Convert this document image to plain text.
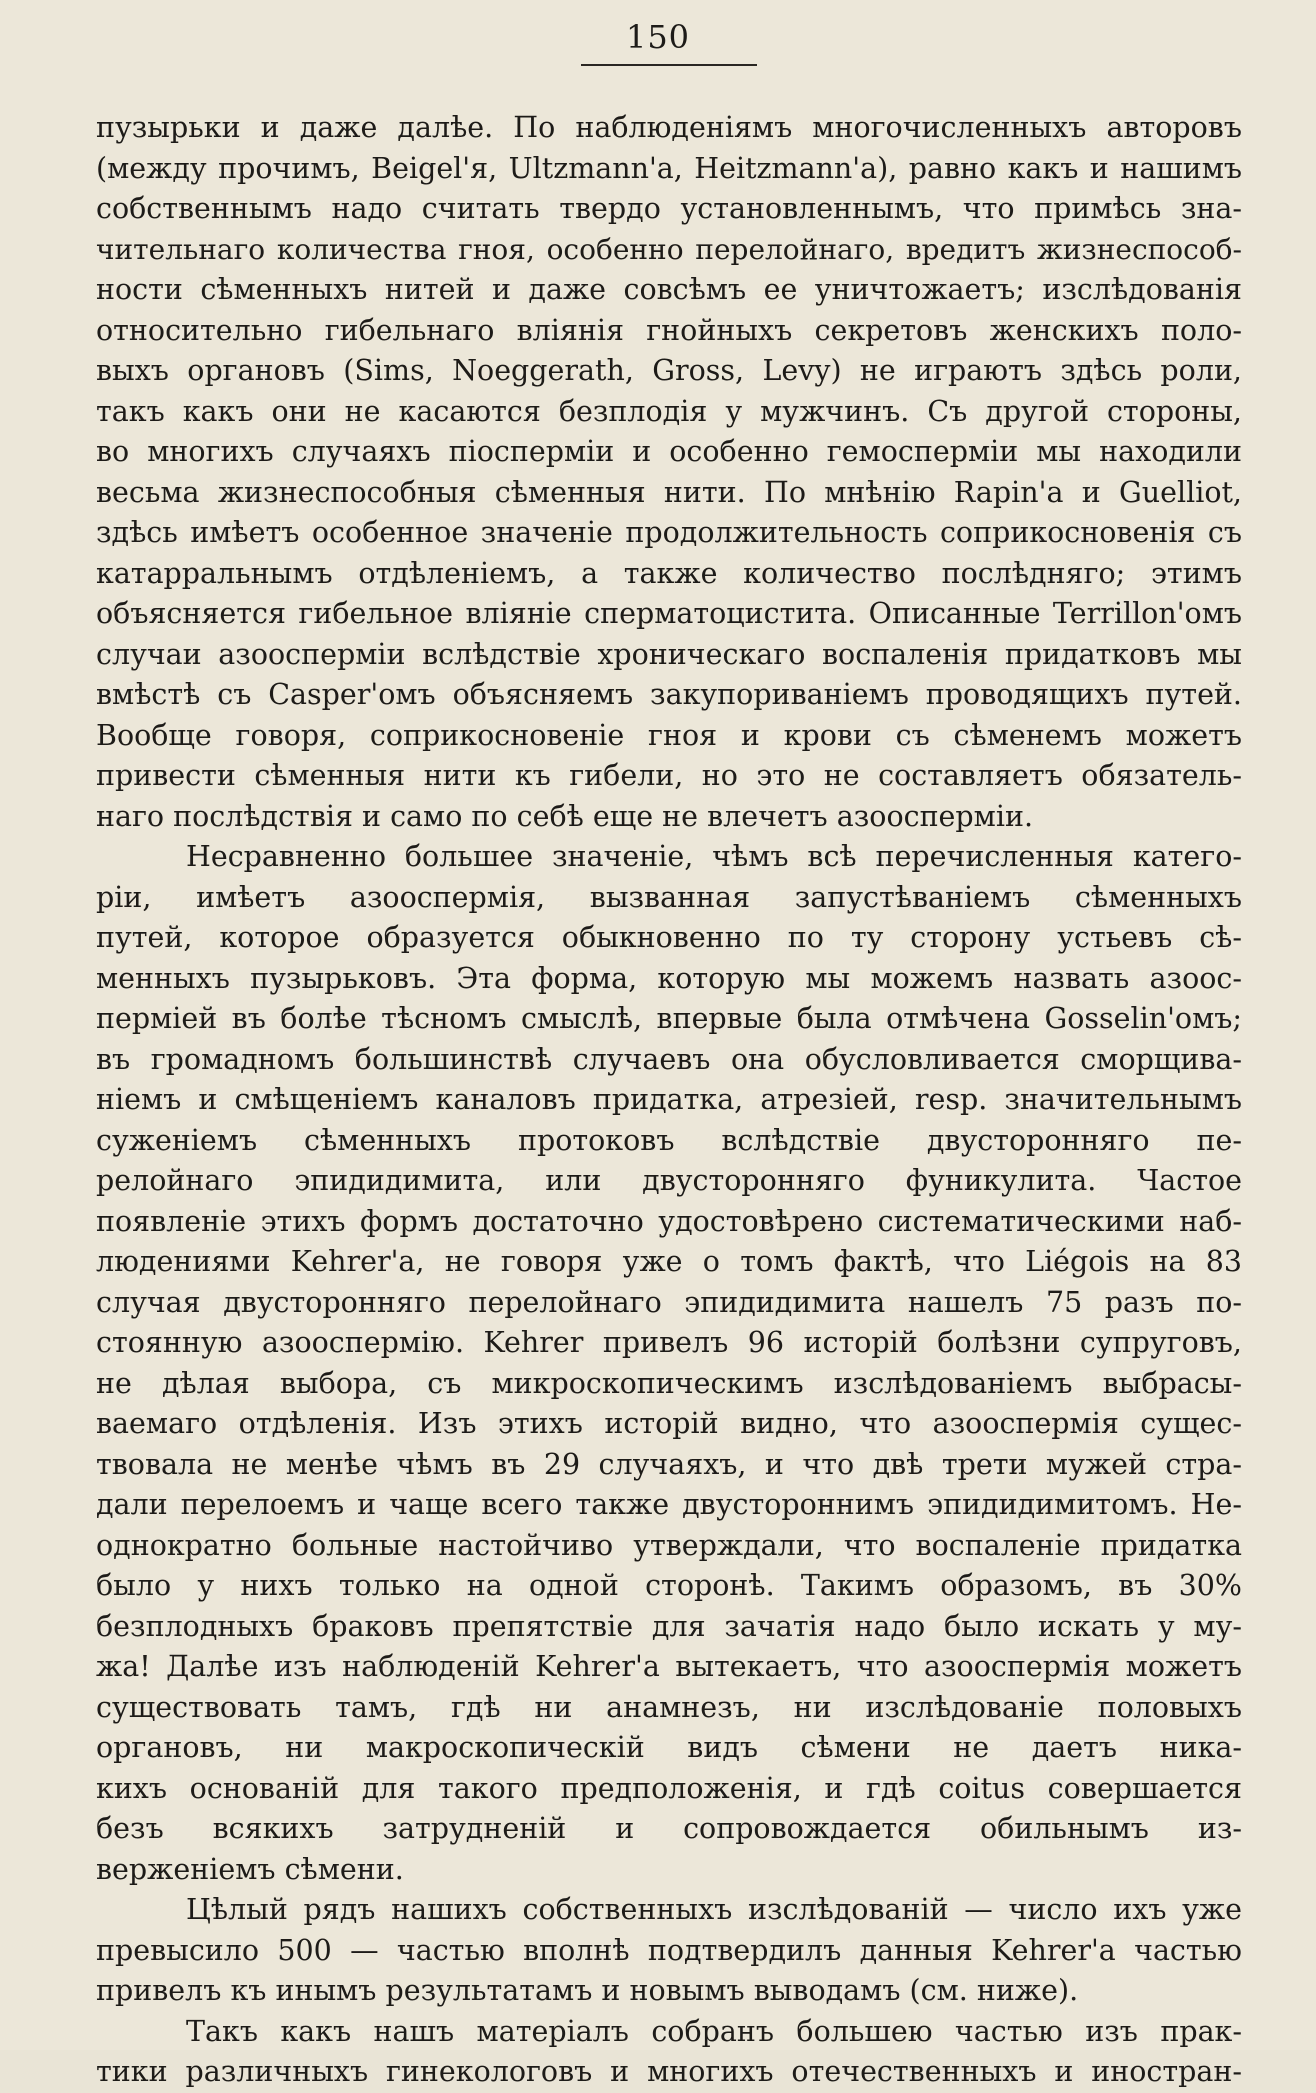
150
пузырьки и даже далѣе. По наблюденіямъ многочисленныхъ авторовъ
(между прочимъ, Beigel'я, Ultzmann'а, Heitzmann'а), равно какъ и нашимъ
собственнымъ надо считать твердо установленнымъ, что примѣсь зна-
чительнаго количества гноя, особенно перелойнаго, вредитъ жизнеспособ-
ности сѣменныхъ нитей и даже совсѣмъ ее уничтожаетъ; изслѣдованія
относительно гибельнаго вліянія гнойныхъ секретовъ женскихъ поло-
выхъ органовъ (Sims, Noeggerath, Gross, Levy) не играютъ здѣсь роли,
такъ какъ они не касаются безплодія у мужчинъ. Съ другой стороны,
во многихъ случаяхъ піоспермiи и особенно гемоспермiи мы находили
весьма жизнеспособныя сѣменныя нити. По мнѣнію Rapin'а и Guelliot,
здѣсь имѣетъ особенное значеніе продолжительность соприкосновенія съ
катарральнымъ отдѣленіемъ, а также количество послѣдняго; этимъ
объясняется гибельное вліяніе сперматоцистита. Описанные Terrillon'омъ
случаи азооспермiи вслѣдствіе хроническаго воспаленія придатковъ мы
вмѣстѣ съ Casper'омъ объясняемъ закупориваніемъ проводящихъ путей.
Вообще говоря, соприкосновеніе гноя и крови съ сѣменемъ можетъ
привести сѣменныя нити къ гибели, но это не составляетъ обязатель-
наго послѣдствія и само по себѣ еще не влечетъ азооспермiи.
Несравненно большее значеніе, чѣмъ всѣ перечисленныя катего-
ріи, имѣетъ азооспермія, вызванная запустѣваніемъ сѣменныхъ
путей, которое образуется обыкновенно по ту сторону устьевъ сѣ-
менныхъ пузырьковъ. Эта форма, которую мы можемъ назвать азоос-
перміей въ болѣе тѣсномъ смыслѣ, впервые была отмѣчена Gosselin'омъ;
въ громадномъ большинствѣ случаевъ она обусловливается сморщива-
ніемъ и смѣщеніемъ каналовъ придатка, атрезіей, resp. значительнымъ
суженіемъ сѣменныхъ протоковъ вслѣдствіе двусторонняго пе-
релойнаго эпидидимита, или двусторонняго фуникулита. Частое
появленіе этихъ формъ достаточно удостовѣрено систематическими наб-
людениями Kehrer'а, не говоря уже о томъ фактѣ, что Liégois на 83
случая двусторонняго перелойнаго эпидидимита нашелъ 75 разъ по-
стоянную азооспермію. Kehrer привелъ 96 исторій болѣзни супруговъ,
не дѣлая выбора, съ микроскопическимъ изслѣдованіемъ выбрасы-
ваемаго отдѣленія. Изъ этихъ исторій видно, что азооспермія сущес-
твовала не менѣе чѣмъ въ 29 случаяхъ, и что двѣ трети мужей стра-
дали перелоемъ и чаще всего также двустороннимъ эпидидимитомъ. Не-
однократно больные настойчиво утверждали, что воспаленіе придатка
было у нихъ только на одной сторонѣ. Такимъ образомъ, въ 30%
безплодныхъ браковъ препятствіе для зачатія надо было искать у му-
жа! Далѣе изъ наблюденій Kehrer'а вытекаетъ, что азооспермія можетъ
существовать тамъ, гдѣ ни анамнезъ, ни изслѣдованіе половыхъ
органовъ, ни макроскопическій видъ сѣмени не даетъ никa-
кихъ основаній для такого предположенія, и гдѣ coitus совершается
безъ всякихъ затрудненій и сопровождается обильнымъ из-
верженіемъ сѣмени.
Цѣлый рядъ нашихъ собственныхъ изслѣдованій — число ихъ уже
превысило 500 — частью вполнѣ подтвердилъ данныя Kehrer'а частью
привелъ къ инымъ результатамъ и новымъ выводамъ (см. ниже).
Такъ какъ нашъ матеріалъ собранъ большею частью изъ прак-
тики различныхъ гинекологовъ и многихъ отечественныхъ и иностран-
